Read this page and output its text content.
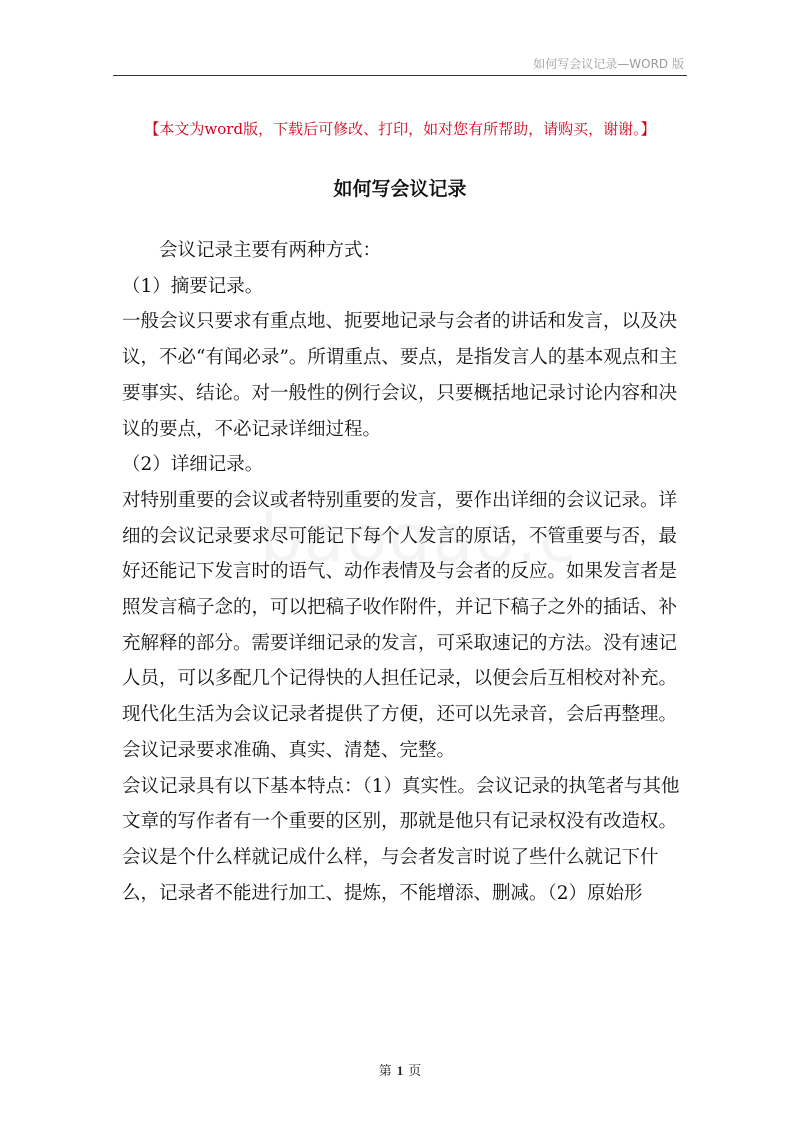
如何写会议记录—WORD 版
【本文为word版，下载后可修改、打印，如对您有所帮助，请购买，谢谢。】
如何写会议记录

会议记录主要有两种方式：

（1）摘要记录。

一般会议只要求有重点地、扼要地记录与会者的讲话和发言，以及决议，不必“有闻必录”。所谓重点、要点，是指发言人的基本观点和主要事实、结论。对一般性的例行会议，只要概括地记录讨论内容和决议的要点，不必记录详细过程。

（2）详细记录。

对特别重要的会议或者特别重要的发言，要作出详细的会议记录。详细的会议记录要求尽可能记下每个人发言的原话，不管重要与否，最好还能记下发言时的语气、动作表情及与会者的反应。如果发言者是照发言稿子念的，可以把稿子收作附件，并记下稿子之外的插话、补充解释的部分。需要详细记录的发言，可采取速记的方法。没有速记人员，可以多配几个记得快的人担任记录，以便会后互相校对补充。现代化生活为会议记录者提供了方便，还可以先录音，会后再整理。会议记录要求准确、真实、清楚、完整。

会议记录具有以下基本特点：（1）真实性。会议记录的执笔者与其他文章的写作者有一个重要的区别，那就是他只有记录权没有改造权。会议是个什么样就记成什么样，与会者发言时说了些什么就记下什么，记录者不能进行加工、提炼，不能增添、删减。（2）原始形

第 1 页
